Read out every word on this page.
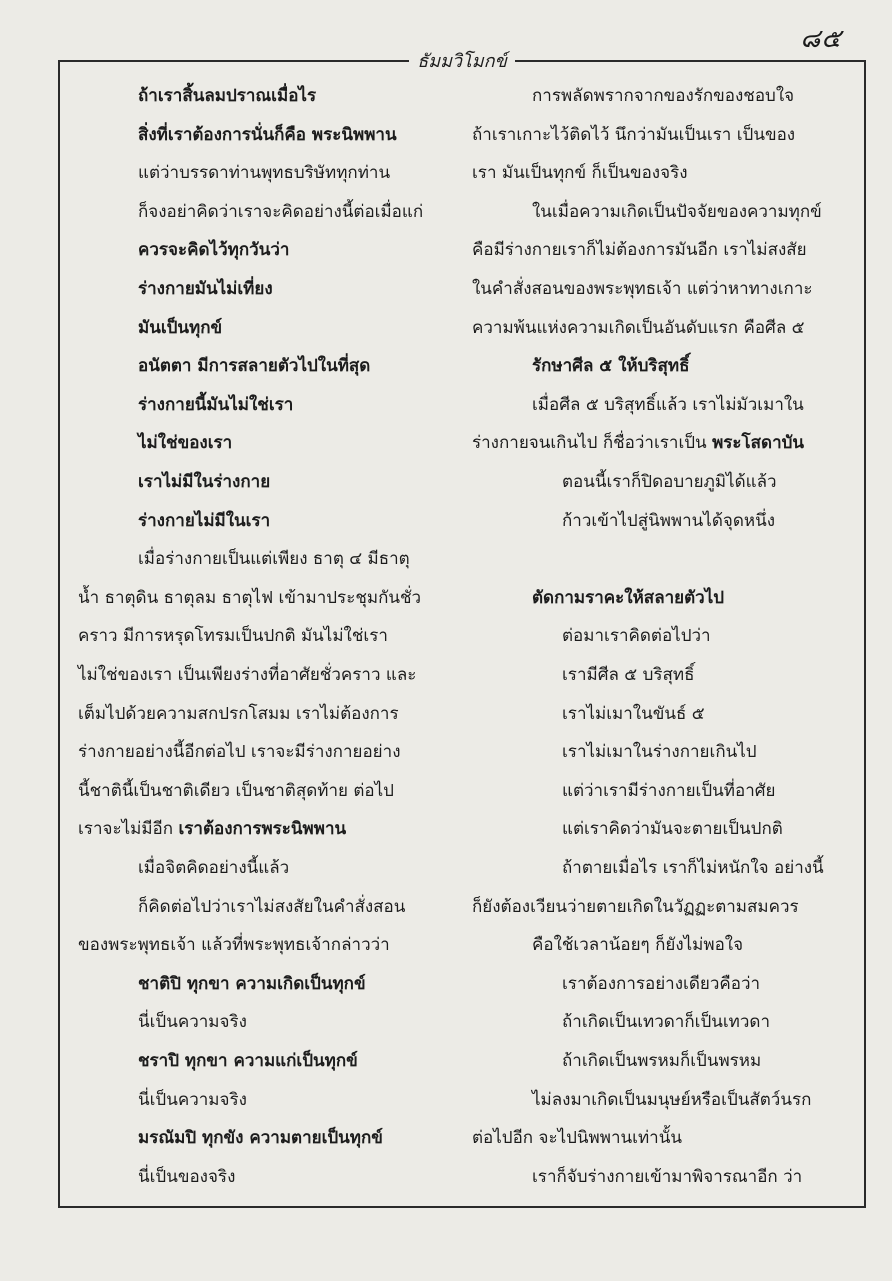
๘๕
ธัมมวิโมกข์
ถ้าเราสิ้นลมปราณเมื่อไร
สิ่งที่เราต้องการนั่นก็คือ พระนิพพาน
แต่ว่าบรรดาท่านพุทธบริษัททุกท่าน
ก็จงอย่าคิดว่าเราจะคิดอย่างนี้ต่อเมื่อแก่
ควรจะคิดไว้ทุกวันว่า
ร่างกายมันไม่เที่ยง
มันเป็นทุกข์
อนัตตา มีการสลายตัวไปในที่สุด
ร่างกายนี้มันไม่ใช่เรา
ไม่ใช่ของเรา
เราไม่มีในร่างกาย
ร่างกายไม่มีในเรา
เมื่อร่างกายเป็นแต่เพียง ธาตุ ๔ มีธาตุ
น้ำ ธาตุดิน ธาตุลม ธาตุไฟ เข้ามาประชุมกันชั่ว
คราว มีการหรุดโทรมเป็นปกติ มันไม่ใช่เรา
ไม่ใช่ของเรา เป็นเพียงร่างที่อาศัยชั่วคราว และ
เต็มไปด้วยความสกปรกโสมม เราไม่ต้องการ
ร่างกายอย่างนี้อีกต่อไป เราจะมีร่างกายอย่าง
นี้ชาตินี้เป็นชาติเดียว เป็นชาติสุดท้าย ต่อไป
เราจะไม่มีอีก เราต้องการพระนิพพาน
เมื่อจิตคิดอย่างนี้แล้ว
ก็คิดต่อไปว่าเราไม่สงสัยในคำสั่งสอน
ของพระพุทธเจ้า แล้วที่พระพุทธเจ้ากล่าวว่า
ชาติปิ ทุกขา ความเกิดเป็นทุกข์
นี่เป็นความจริง
ชราปิ ทุกขา ความแก่เป็นทุกข์
นี่เป็นความจริง
มรณัมปิ ทุกขัง ความตายเป็นทุกข์
นี่เป็นของจริง
การพลัดพรากจากของรักของชอบใจ
ถ้าเราเกาะไว้ติดไว้ นึกว่ามันเป็นเรา เป็นของ
เรา มันเป็นทุกข์ ก็เป็นของจริง
ในเมื่อความเกิดเป็นปัจจัยของความทุกข์
คือมีร่างกายเราก็ไม่ต้องการมันอีก เราไม่สงสัย
ในคำสั่งสอนของพระพุทธเจ้า แต่ว่าหาทางเกาะ
ความพ้นแห่งความเกิดเป็นอันดับแรก คือศีล ๕
รักษาศีล ๕ ให้บริสุทธิ์
เมื่อศีล ๕ บริสุทธิ์แล้ว เราไม่มัวเมาใน
ร่างกายจนเกินไป ก็ชื่อว่าเราเป็น พระโสดาบัน
ตอนนี้เราก็ปิดอบายภูมิได้แล้ว
ก้าวเข้าไปสู่นิพพานได้จุดหนึ่ง
ตัดกามราคะให้สลายตัวไป
ต่อมาเราคิดต่อไปว่า
เรามีศีล ๕ บริสุทธิ์
เราไม่เมาในขันธ์ ๕
เราไม่เมาในร่างกายเกินไป
แต่ว่าเรามีร่างกายเป็นที่อาศัย
แต่เราคิดว่ามันจะตายเป็นปกติ
ถ้าตายเมื่อไร เราก็ไม่หนักใจ อย่างนี้
ก็ยังต้องเวียนว่ายตายเกิดในวัฏฏะตามสมควร
คือใช้เวลาน้อยๆ ก็ยังไม่พอใจ
เราต้องการอย่างเดียวคือว่า
ถ้าเกิดเป็นเทวดาก็เป็นเทวดา
ถ้าเกิดเป็นพรหมก็เป็นพรหม
ไม่ลงมาเกิดเป็นมนุษย์หรือเป็นสัตว์นรก
ต่อไปอีก จะไปนิพพานเท่านั้น
เราก็จับร่างกายเข้ามาพิจารณาอีก ว่า
